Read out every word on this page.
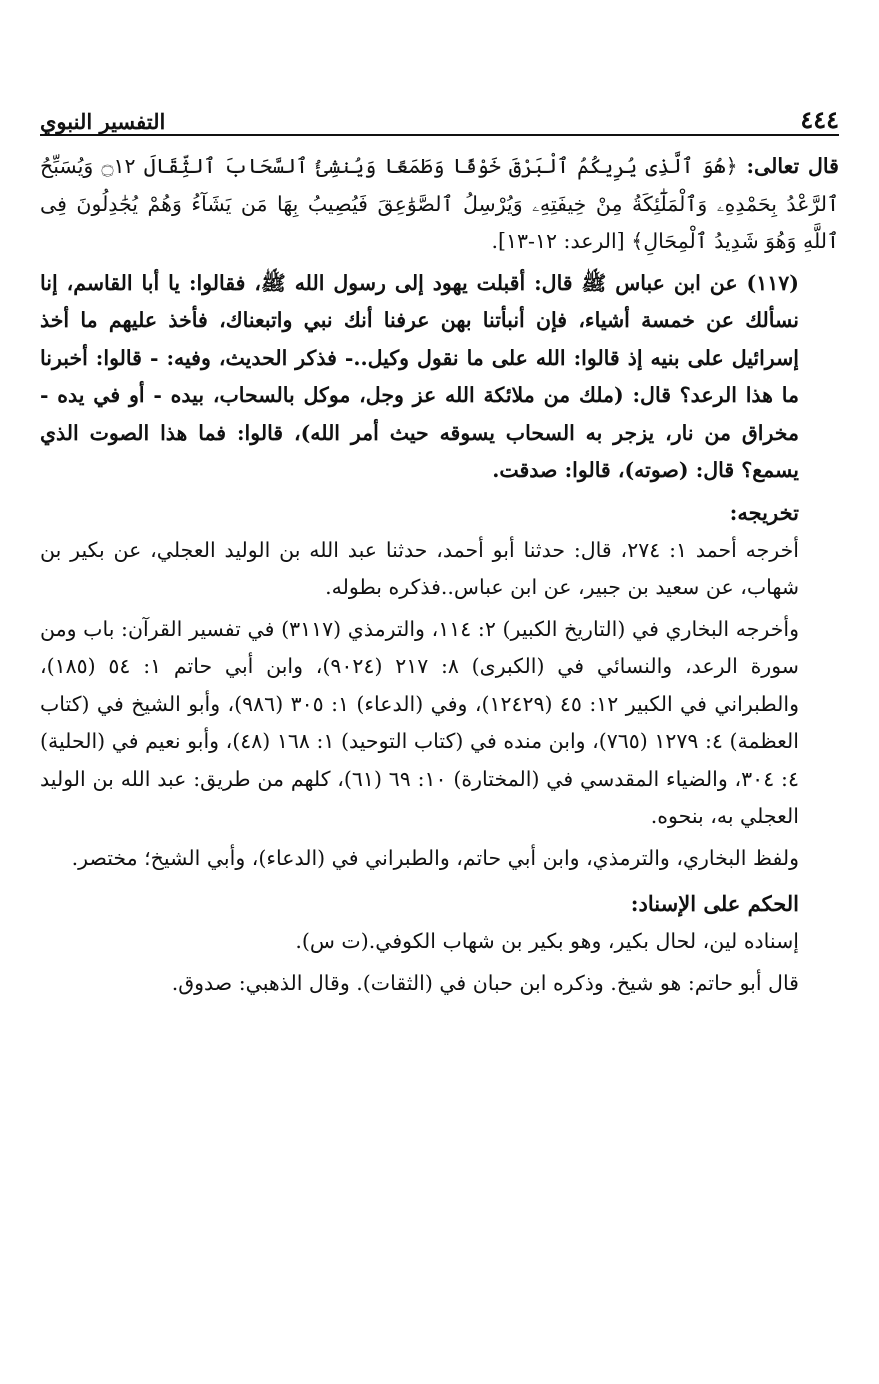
٤٤٤
التفسير النبوي

قال تعالى: ﴿هُوَ ٱلَّذِى يُرِيكُمُ ٱلْبَرْقَ خَوْفًا وَطَمَعًا وَيُنشِئُ ٱلسَّحَابَ ٱلثِّقَالَ ۝١٢ وَيُسَبِّحُ ٱلرَّعْدُ بِحَمْدِهِۦ وَٱلْمَلَٰٓئِكَةُ مِنْ خِيفَتِهِۦ وَيُرْسِلُ ٱلصَّوَٰعِقَ فَيُصِيبُ بِهَا مَن يَشَآءُ وَهُمْ يُجَٰدِلُونَ فِى ٱللَّهِ وَهُوَ شَدِيدُ ٱلْمِحَالِ﴾ [الرعد: ١٢-١٣].

(١١٧) عن ابن عباس ﷺ قال: أقبلت يهود إلى رسول الله ﷺ، فقالوا: يا أبا القاسم، إنا نسألك عن خمسة أشياء، فإن أنبأتنا بهن عرفنا أنك نبي واتبعناك، فأخذ عليهم ما أخذ إسرائيل على بنيه إذ قالوا: الله على ما نقول وكيل..- فذكر الحديث، وفيه: - قالوا: أخبرنا ما هذا الرعد؟ قال: (ملك من ملائكة الله عز وجل، موكل بالسحاب، بيده - أو في يده - مخراق من نار، يزجر به السحاب يسوقه حيث أمر الله)، قالوا: فما هذا الصوت الذي يسمع؟ قال: (صوته)، قالوا: صدقت.

تخريجه:

أخرجه أحمد ١: ٢٧٤، قال: حدثنا أبو أحمد، حدثنا عبد الله بن الوليد العجلي، عن بكير بن شهاب، عن سعيد بن جبير، عن ابن عباس..فذكره بطوله.

وأخرجه البخاري في (التاريخ الكبير) ٢: ١١٤، والترمذي (٣١١٧) في تفسير القرآن: باب ومن سورة الرعد، والنسائي في (الكبرى) ٨: ٢١٧ (٩٠٢٤)، وابن أبي حاتم ١: ٥٤ (١٨٥)، والطبراني في الكبير ١٢: ٤٥ (١٢٤٢٩)، وفي (الدعاء) ١: ٣٠٥ (٩٨٦)، وأبو الشيخ في (كتاب العظمة) ٤: ١٢٧٩ (٧٦٥)، وابن منده في (كتاب التوحيد) ١: ١٦٨ (٤٨)، وأبو نعيم في (الحلية) ٤: ٣٠٤، والضياء المقدسي في (المختارة) ١٠: ٦٩ (٦١)، كلهم من طريق: عبد الله بن الوليد العجلي به، بنحوه.

ولفظ البخاري، والترمذي، وابن أبي حاتم، والطبراني في (الدعاء)، وأبي الشيخ؛ مختصر.

الحكم على الإسناد:

إسناده لين، لحال بكير، وهو بكير بن شهاب الكوفي.(ت س).

قال أبو حاتم: هو شيخ. وذكره ابن حبان في (الثقات). وقال الذهبي: صدوق.
